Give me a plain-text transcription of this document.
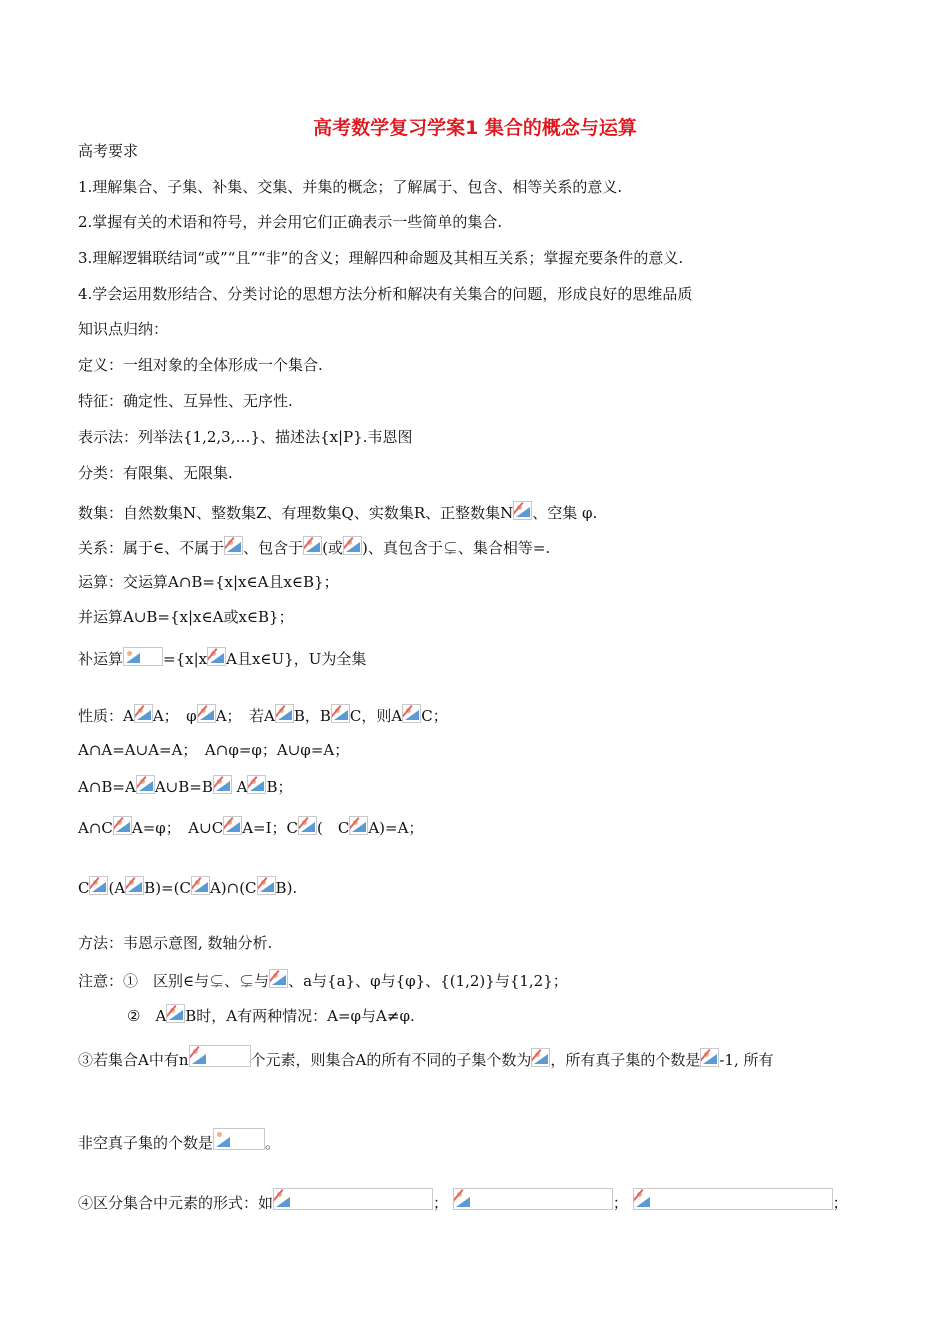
高考数学复习学案1 集合的概念与运算
高考要求
1.理解集合、子集、补集、交集、并集的概念；了解属于、包含、相等关系的意义.
2.掌握有关的术语和符号，并会用它们正确表示一些简单的集合.
3.理解逻辑联结词“或”“且”“非”的含义；理解四种命题及其相互关系；掌握充要条件的意义.
4.学会运用数形结合、分类讨论的思想方法分析和解决有关集合的问题，形成良好的思维品质
知识点归纳：
定义：一组对象的全体形成一个集合.
特征：确定性、互异性、无序性.
表示法：列举法{1,2,3,…}、描述法{x|P}.韦恩图
分类：有限集、无限集.
数集：自然数集N、整数集Z、有理数集Q、实数集R、正整数集N 、空集 φ.
关系：属于∈、不属于 、包含于 (或 )、真包含于⊊、集合相等=.
运算：交运算A∩B={x|x∈A且x∈B}；
并运算A∪B={x|x∈A或x∈B}；
补运算	={x|x A且x∈U}，U为全集
性质：A A；　φ A；　若A B，B C，则A C；
A∩A=A∪A=A；　A∩φ=φ；A∪φ=A；
A∩B=A A∪B=B A B；
A∩C A=φ；　A∪C A=I；C (　C A)=A；
C (A B)=(C A)∩(C B).
方法：韦恩示意图, 数轴分析.
注意：①　区别∈与⊊、⊊与 、a与{a}、φ与{φ}、{(1,2)}与{1,2}；
②　A B时，A有两种情况：A=φ与A≠φ.
③若集合A中有n	个元素，则集合A的所有不同的子集个数为 ，所有真子集的个数是 -1, 所有
非空真子集的个数是	。
④区分集合中元素的形式：如	；	；	；
